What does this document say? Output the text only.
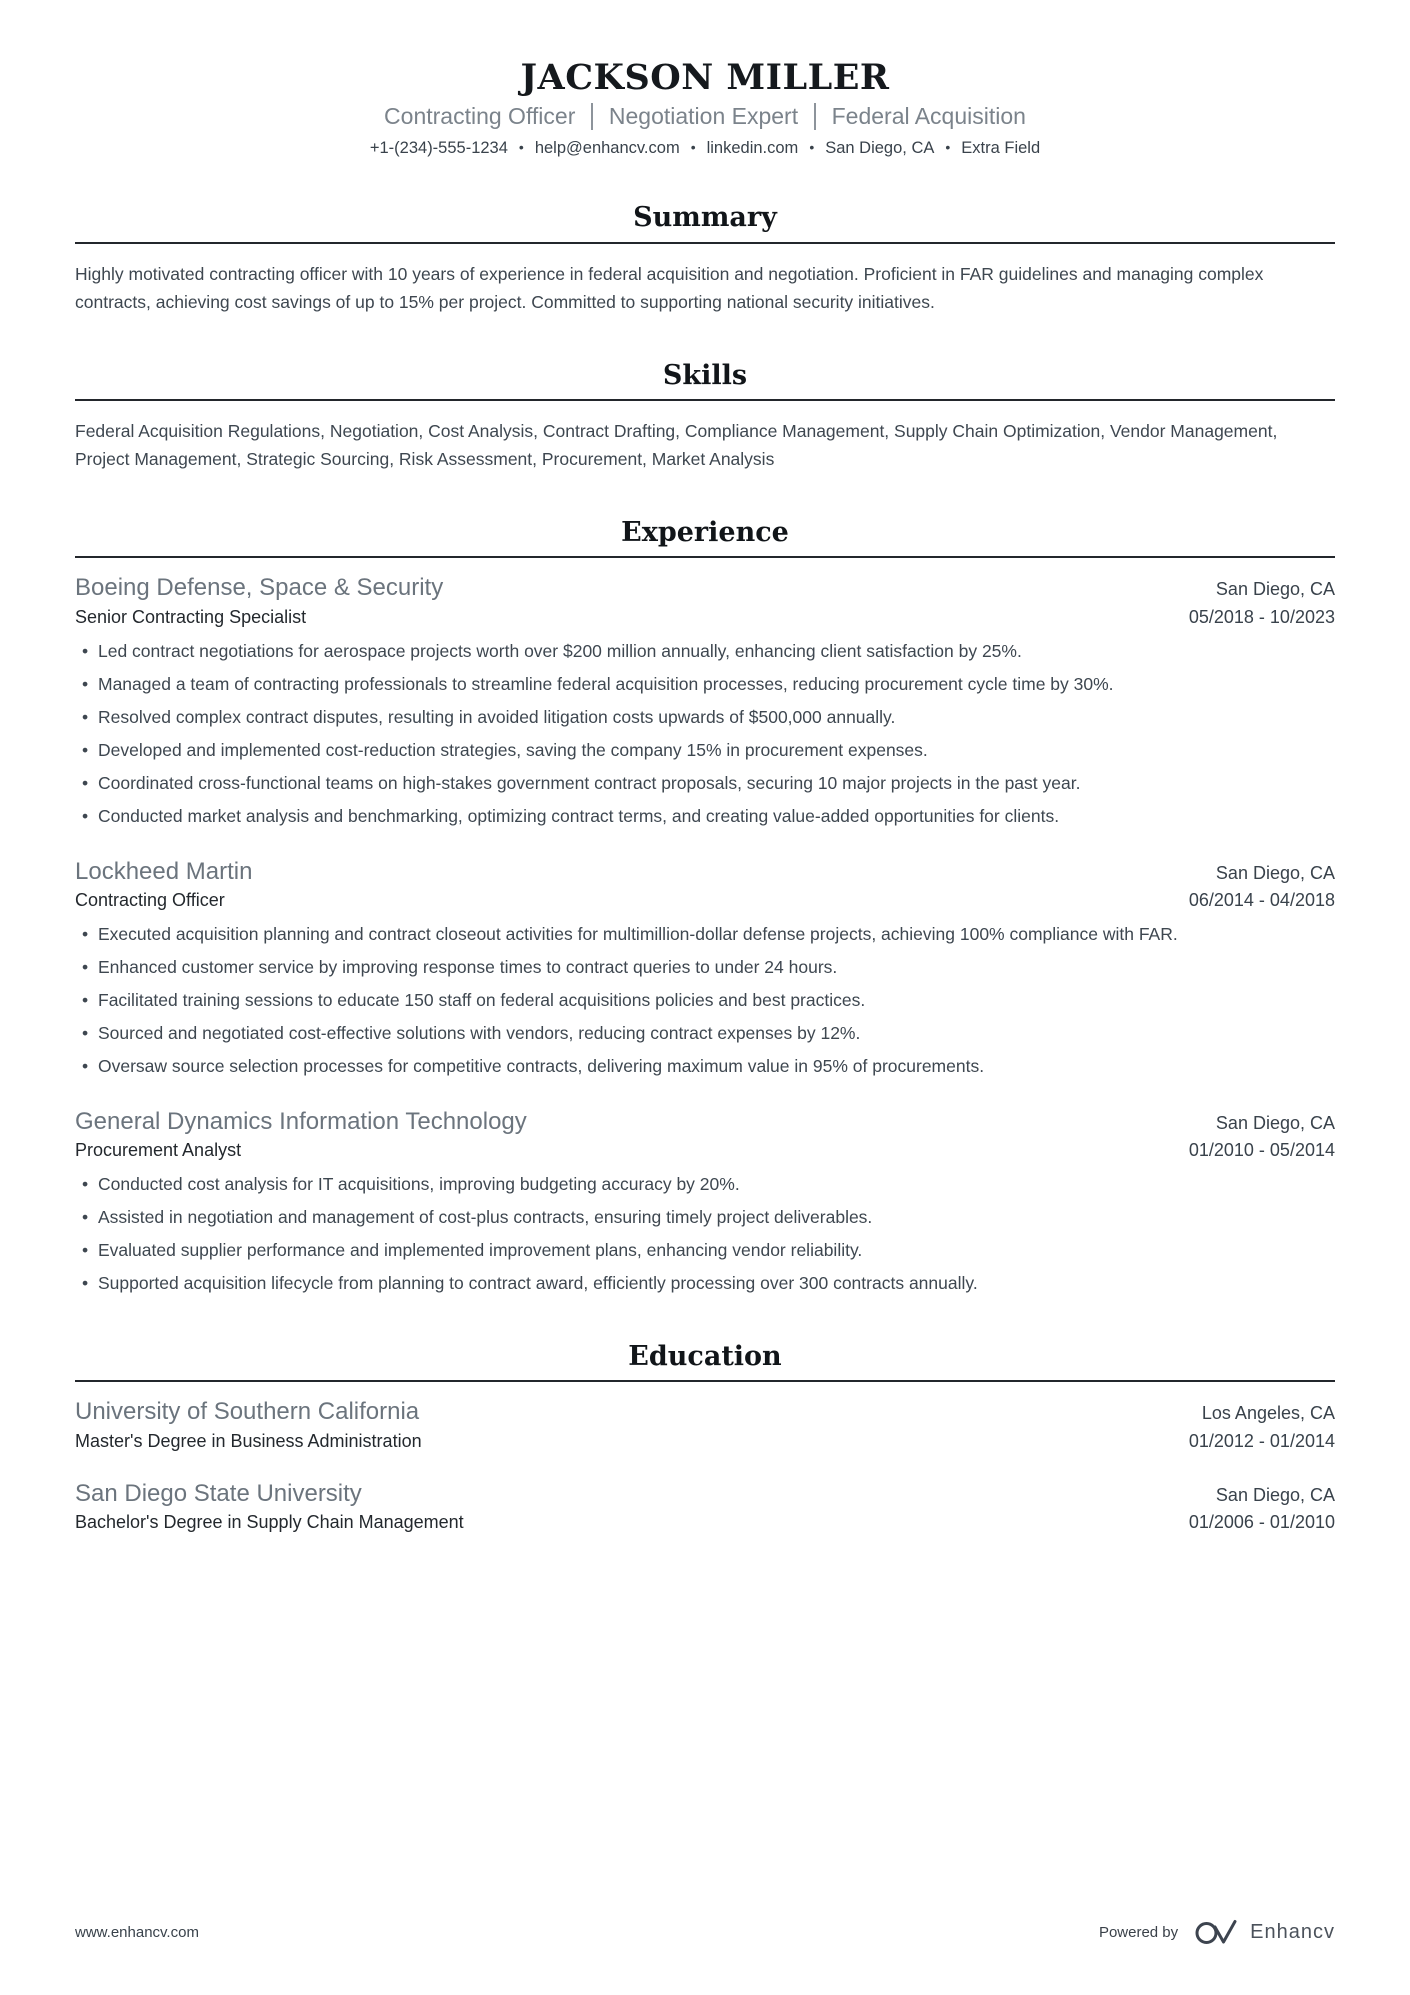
JACKSON MILLER
Contracting Officer Negotiation Expert Federal Acquisition
+1-(234)-555-1234 • help@enhancv.com • linkedin.com • San Diego, CA • Extra Field
Summary

Highly motivated contracting officer with 10 years of experience in federal acquisition and negotiation. Proficient in FAR guidelines and managing complex contracts, achieving cost savings of up to 15% per project. Committed to supporting national security initiatives.

Skills

Federal Acquisition Regulations, Negotiation, Cost Analysis, Contract Drafting, Compliance Management, Supply Chain Optimization, Vendor Management, Project Management, Strategic Sourcing, Risk Assessment, Procurement, Market Analysis

Experience
Boeing Defense, Space & Security	San Diego, CA
Senior Contracting Specialist	05/2018 - 10/2023
• Led contract negotiations for aerospace projects worth over $200 million annually, enhancing client satisfaction by 25%.
• Managed a team of contracting professionals to streamline federal acquisition processes, reducing procurement cycle time by 30%.
• Resolved complex contract disputes, resulting in avoided litigation costs upwards of $500,000 annually.
• Developed and implemented cost-reduction strategies, saving the company 15% in procurement expenses.
• Coordinated cross-functional teams on high-stakes government contract proposals, securing 10 major projects in the past year.
• Conducted market analysis and benchmarking, optimizing contract terms, and creating value-added opportunities for clients.
Lockheed Martin	San Diego, CA
Contracting Officer	06/2014 - 04/2018
• Executed acquisition planning and contract closeout activities for multimillion-dollar defense projects, achieving 100% compliance with FAR.
• Enhanced customer service by improving response times to contract queries to under 24 hours.
• Facilitated training sessions to educate 150 staff on federal acquisitions policies and best practices.
• Sourced and negotiated cost-effective solutions with vendors, reducing contract expenses by 12%.
• Oversaw source selection processes for competitive contracts, delivering maximum value in 95% of procurements.
General Dynamics Information Technology	San Diego, CA
Procurement Analyst	01/2010 - 05/2014
• Conducted cost analysis for IT acquisitions, improving budgeting accuracy by 20%.
• Assisted in negotiation and management of cost-plus contracts, ensuring timely project deliverables.
• Evaluated supplier performance and implemented improvement plans, enhancing vendor reliability.
• Supported acquisition lifecycle from planning to contract award, efficiently processing over 300 contracts annually.
Education
University of Southern California	Los Angeles, CA
Master's Degree in Business Administration	01/2012 - 01/2014
San Diego State University	San Diego, CA
Bachelor's Degree in Supply Chain Management	01/2006 - 01/2010
www.enhancv.com	Powered by	Enhancv
